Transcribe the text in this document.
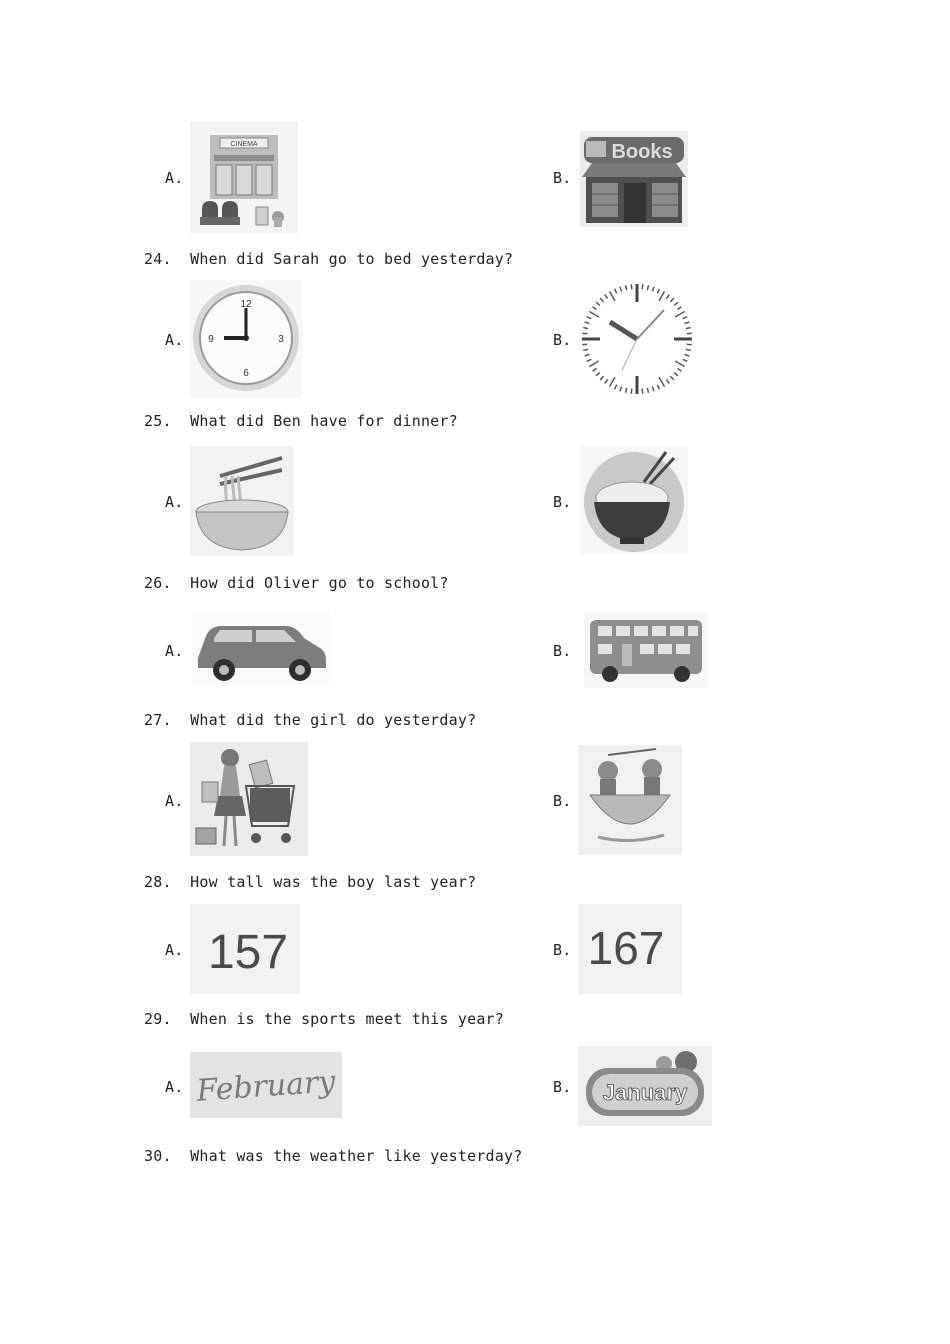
A.
CINEMA
B.
Books
24. When did Sarah go to bed yesterday?
A.
12
3
6
9	B.
25. What did Ben have for dinner?
A.	B.
26. How did Oliver go to school?
A.	B.
27. What did the girl do yesterday?
A.	B.
28. How tall was the boy last year?
A. 157	B. 167
29. When is the sports meet this year?
A. February	B. January
30. What was the weather like yesterday?
